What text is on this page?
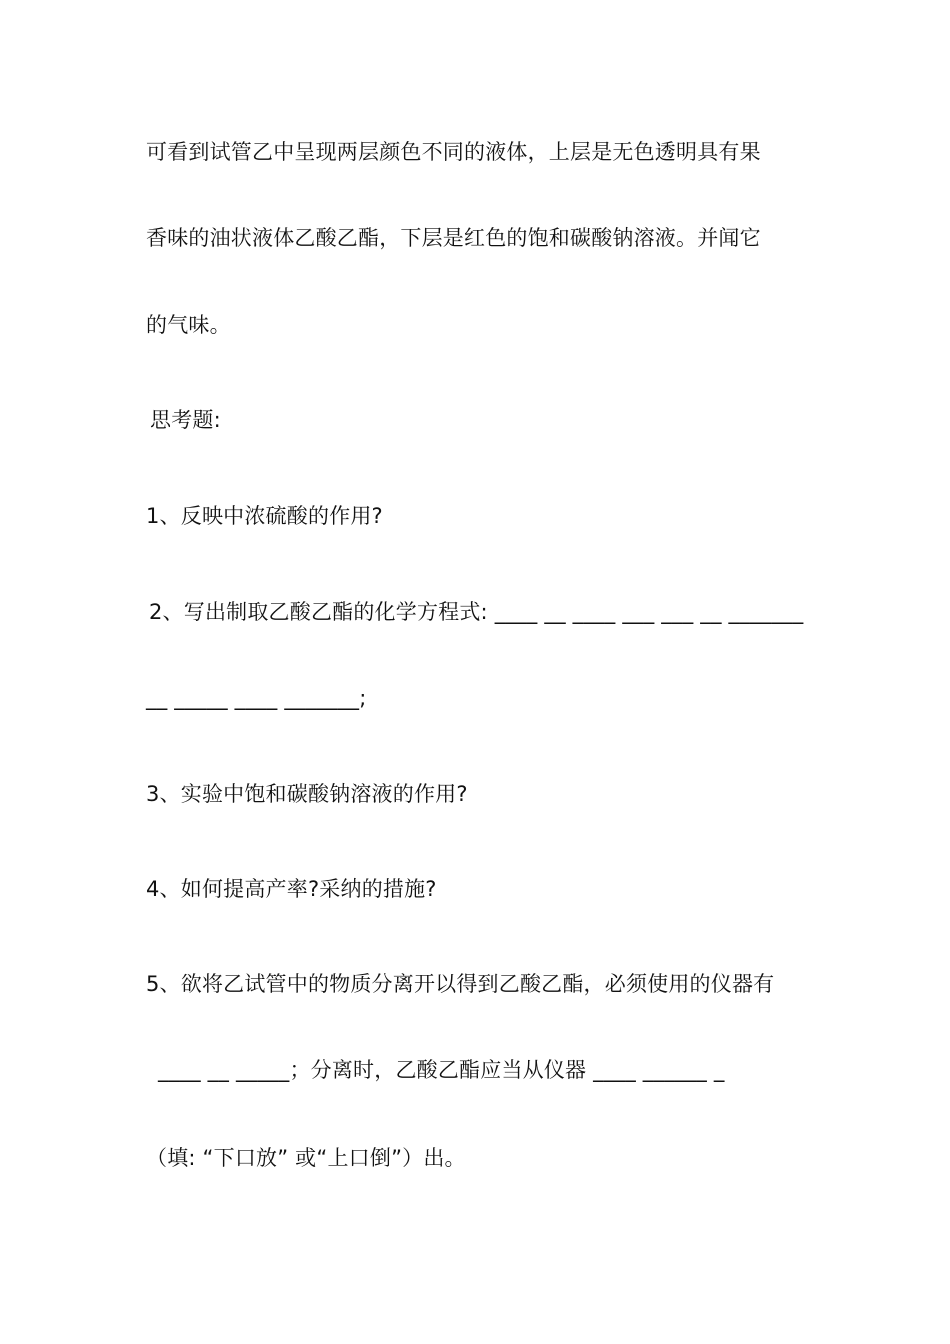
可看到试管乙中呈现两层颜色不同的液体，上层是无色透明具有果
香味的油状液体乙酸乙酯，下层是红色的饱和碳酸钠溶液。并闻它
的气味。
思考题:
1、反映中浓硫酸的作用?
2、写出制取乙酸乙酯的化学方程式: ____ __ ____ ___ ___ __ _______
__ _____ ____ _______;
3、实验中饱和碳酸钠溶液的作用?
4、如何提高产率?采纳的措施?
5、欲将乙试管中的物质分离开以得到乙酸乙酯，必须使用的仪器有
____ __ _____；分离时，乙酸乙酯应当从仪器 ____ ______ _
（填: “下口放” 或“上口倒”）出。
